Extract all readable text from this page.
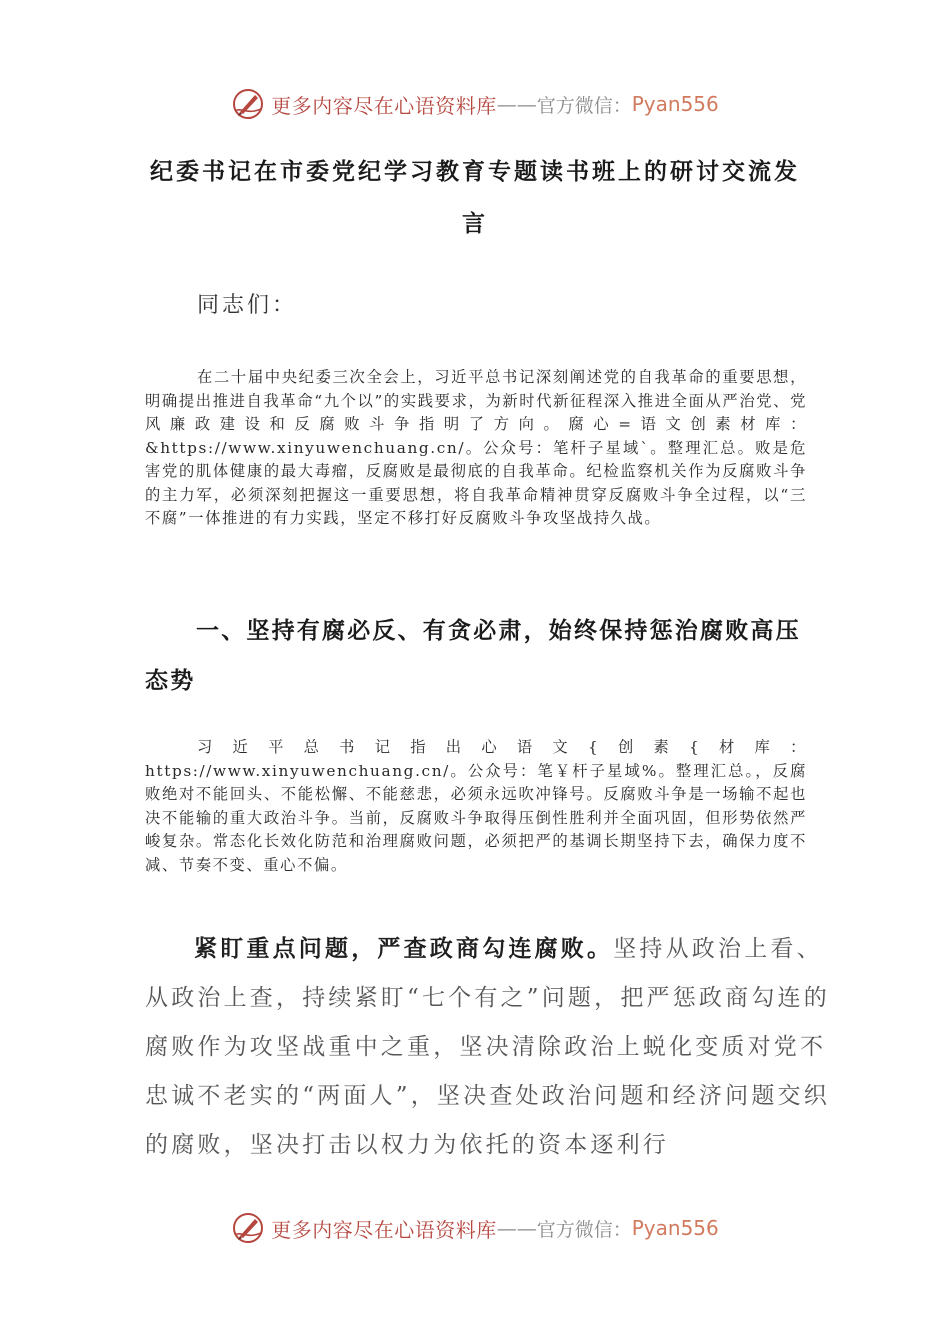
更多内容尽在心语资料库 —— 官方微信： Pyan556
纪委书记在市委党纪学习教育专题读书班上的研讨交流发言

同志们：

在二十届中央纪委三次全会上，习近平总书记深刻阐述党的自我革命的重要思想，明确提出推进自我革命“九个以”的实践要求，为新时代新征程深入推进全面从严治党、党风廉政建设和反腐败斗争指明了方向。腐心=语文创素材库：&https://www.xinyuwenchuang.cn/。公众号：笔杆子星域`。整理汇总。败是危害党的肌体健康的最大毒瘤，反腐败是最彻底的自我革命。纪检监察机关作为反腐败斗争的主力军，必须深刻把握这一重要思想，将自我革命精神贯穿反腐败斗争全过程，以“三不腐”一体推进的有力实践，坚定不移打好反腐败斗争攻坚战持久战。

一、坚持有腐必反、有贪必肃，始终保持惩治腐败高压态势

习近平总书记指出心语文{创素{材库：https://www.xinyuwenchuang.cn/。公众号：笔￥杆子星域%。整理汇总。，反腐败绝对不能回头、不能松懈、不能慈悲，必须永远吹冲锋号。反腐败斗争是一场输不起也决不能输的重大政治斗争。当前，反腐败斗争取得压倒性胜利并全面巩固，但形势依然严峻复杂。常态化长效化防范和治理腐败问题，必须把严的基调长期坚持下去，确保力度不减、节奏不变、重心不偏。

紧盯重点问题，严查政商勾连腐败。坚持从政治上看、从政治上查，持续紧盯“七个有之”问题，把严惩政商勾连的腐败作为攻坚战重中之重，坚决清除政治上蜕化变质对党不忠诚不老实的“两面人”，坚决查处政治问题和经济问题交织的腐败，坚决打击以权力为依托的资本逐利行

更多内容尽在心语资料库 —— 官方微信： Pyan556
